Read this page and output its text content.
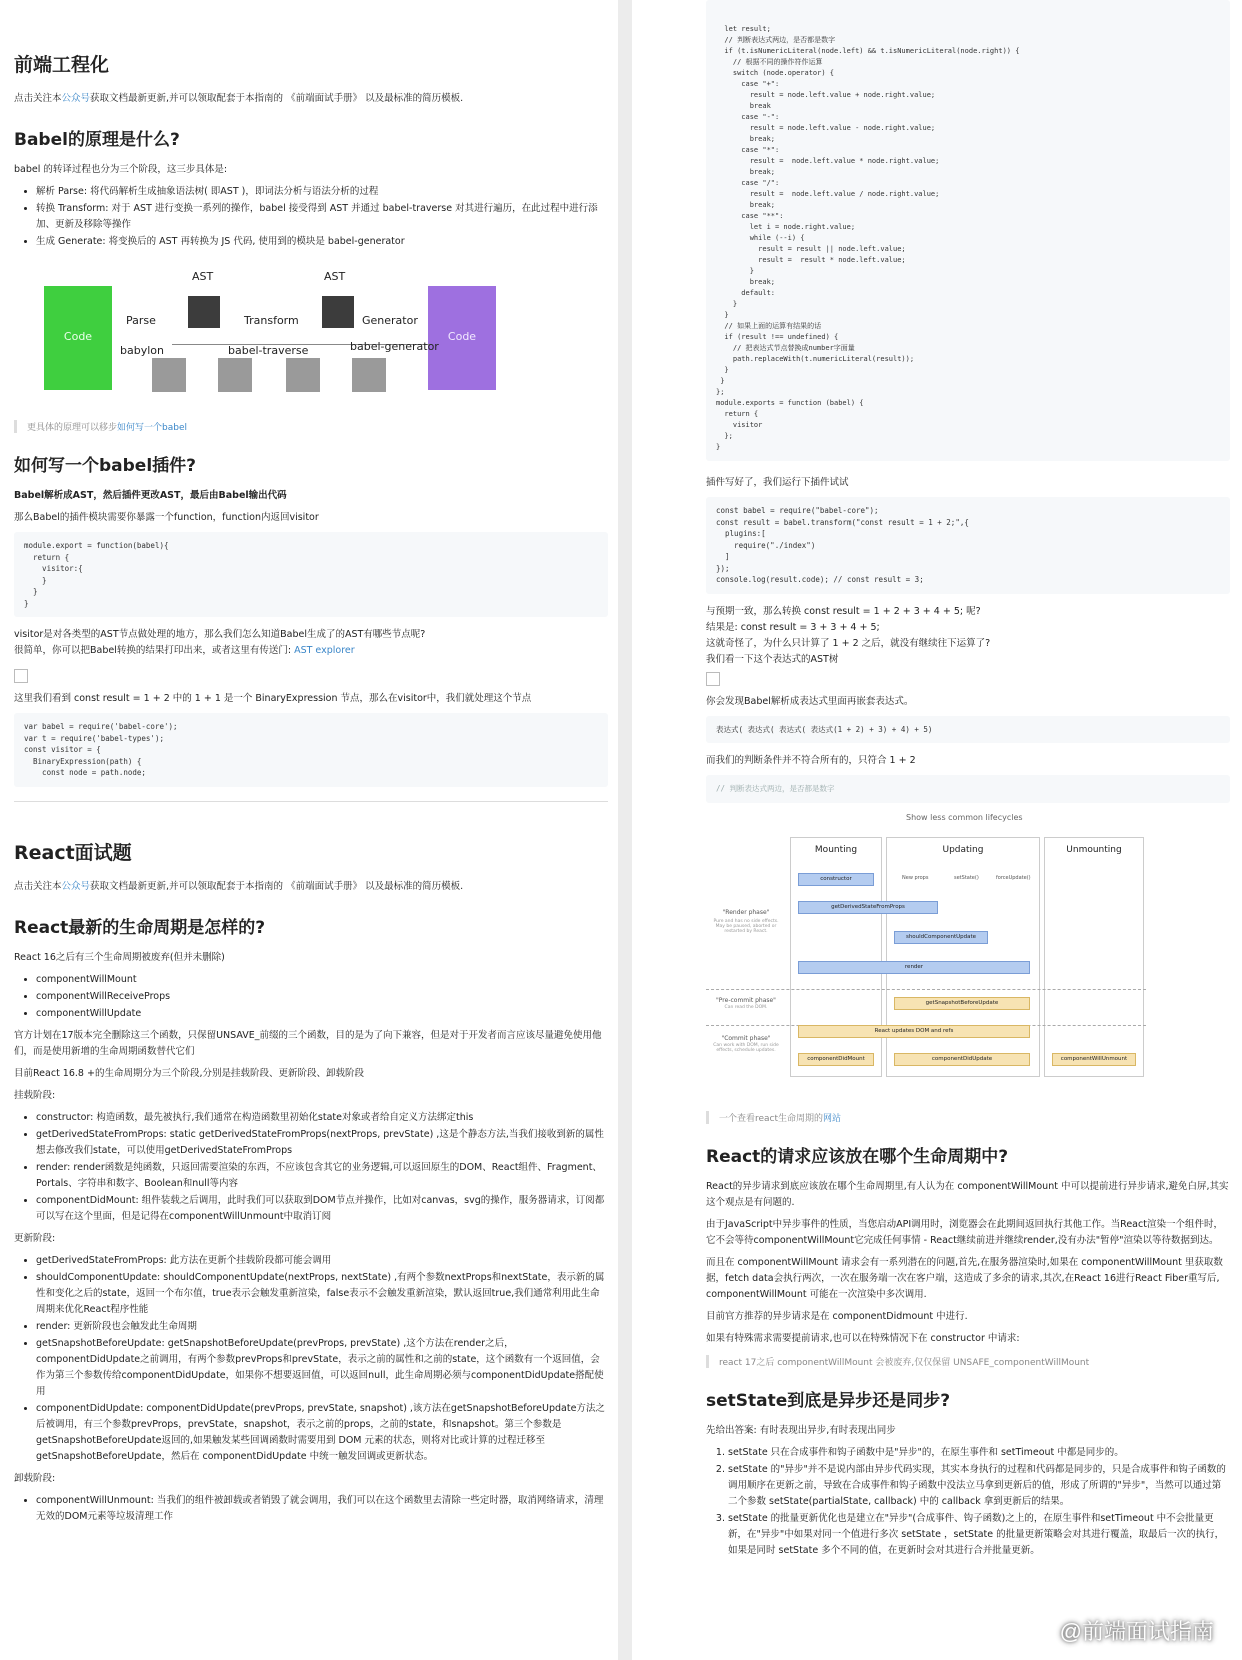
前端工程化

点击关注本公众号获取文档最新更新,并可以领取配套于本指南的 《前端面试手册》 以及最标准的简历模板.

Babel的原理是什么?

babel 的转译过程也分为三个阶段，这三步具体是:

• 解析 Parse: 将代码解析生成抽象语法树( 即AST )，即词法分析与语法分析的过程
• 转换 Transform: 对于 AST 进行变换一系列的操作，babel 接受得到 AST 并通过 babel-traverse 对其进行遍历，在此过程中进行添加、更新及移除等操作
• 生成 Generate: 将变换后的 AST 再转换为 JS 代码, 使用到的模块是 babel-generator
Code	Code
AST	AST
Parse
babylon
Transform
babel-traverse
Generator
babel-generator
更具体的原理可以移步如何写一个babel
如何写一个babel插件?

Babel解析成AST，然后插件更改AST，最后由Babel输出代码

那么Babel的插件模块需要你暴露一个function，function内返回visitor

module.export = function(babel){
return {
visitor:{
}
}
}

visitor是对各类型的AST节点做处理的地方，那么我们怎么知道Babel生成了的AST有哪些节点呢?

很简单，你可以把Babel转换的结果打印出来，或者这里有传送门: AST explorer

这里我们看到 const result = 1 + 2 中的 1 + 1 是一个 BinaryExpression 节点，那么在visitor中，我们就处理这个节点

var babel = require('babel-core');
var t = require('babel-types');
const visitor = {
BinaryExpression(path) {
const node = path.node;
React面试题

点击关注本公众号获取文档最新更新,并可以领取配套于本指南的 《前端面试手册》 以及最标准的简历模板.

React最新的生命周期是怎样的?

React 16之后有三个生命周期被废弃(但并未删除)

• componentWillMount
• componentWillReceiveProps
• componentWillUpdate

官方计划在17版本完全删除这三个函数，只保留UNSAVE_前缀的三个函数，目的是为了向下兼容，但是对于开发者而言应该尽量避免使用他们，而是使用新增的生命周期函数替代它们

目前React 16.8 +的生命周期分为三个阶段,分别是挂载阶段、更新阶段、卸载阶段

挂载阶段:

• constructor: 构造函数，最先被执行,我们通常在构造函数里初始化state对象或者给自定义方法绑定this
• getDerivedStateFromProps: static getDerivedStateFromProps(nextProps, prevState) ,这是个静态方法,当我们接收到新的属性想去修改我们state，可以使用getDerivedStateFromProps
• render: render函数是纯函数，只返回需要渲染的东西，不应该包含其它的业务逻辑,可以返回原生的DOM、React组件、Fragment、Portals、字符串和数字、Boolean和null等内容
• componentDidMount: 组件装载之后调用，此时我们可以获取到DOM节点并操作，比如对canvas，svg的操作，服务器请求，订阅都可以写在这个里面，但是记得在componentWillUnmount中取消订阅

更新阶段:

• getDerivedStateFromProps: 此方法在更新个挂载阶段都可能会调用
• shouldComponentUpdate: shouldComponentUpdate(nextProps, nextState) ,有两个参数nextProps和nextState，表示新的属性和变化之后的state，返回一个布尔值，true表示会触发重新渲染，false表示不会触发重新渲染，默认返回true,我们通常利用此生命周期来优化React程序性能
• render: 更新阶段也会触发此生命周期
• getSnapshotBeforeUpdate: getSnapshotBeforeUpdate(prevProps, prevState) ,这个方法在render之后，componentDidUpdate之前调用，有两个参数prevProps和prevState，表示之前的属性和之前的state，这个函数有一个返回值，会作为第三个参数传给componentDidUpdate，如果你不想要返回值，可以返回null，此生命周期必须与componentDidUpdate搭配使用
• componentDidUpdate: componentDidUpdate(prevProps, prevState, snapshot) ,该方法在getSnapshotBeforeUpdate方法之后被调用，有三个参数prevProps，prevState，snapshot，表示之前的props，之前的state，和snapshot。第三个参数是getSnapshotBeforeUpdate返回的,如果触发某些回调函数时需要用到 DOM 元素的状态，则将对比或计算的过程迁移至 getSnapshotBeforeUpdate，然后在 componentDidUpdate 中统一触发回调或更新状态。

卸载阶段:

• componentWillUnmount: 当我们的组件被卸载或者销毁了就会调用，我们可以在这个函数里去清除一些定时器，取消网络请求，清理无效的DOM元素等垃圾清理工作
let result;
// 判断表达式两边，是否都是数字
if (t.isNumericLiteral(node.left) && t.isNumericLiteral(node.right)) {
// 根据不同的操作符作运算
switch (node.operator) {
case "+":
result = node.left.value + node.right.value;
break
case "-":
result = node.left.value - node.right.value;
break;
case "*":
result =  node.left.value * node.right.value;
break;
case "/":
result =  node.left.value / node.right.value;
break;
case "**":
let i = node.right.value;
while (--i) {
result = result || node.left.value;
result =  result * node.left.value;
}
break;
default:
}
}
// 如果上面的运算有结果的话
if (result !== undefined) {
// 把表达式节点替换成number字面量
path.replaceWith(t.numericLiteral(result));
}
}
};
module.exports = function (babel) {
return {
visitor
};
}

插件写好了，我们运行下插件试试

const babel = require("babel-core");
const result = babel.transform("const result = 1 + 2;",{
plugins:[
require("./index")
]
});
console.log(result.code); // const result = 3;

与预期一致，那么转换 const result = 1 + 2 + 3 + 4 + 5; 呢?

结果是: const result = 3 + 3 + 4 + 5;

这就奇怪了，为什么只计算了 1 + 2 之后，就没有继续往下运算了?

我们看一下这个表达式的AST树

你会发现Babel解析成表达式里面再嵌套表达式。

表达式( 表达式( 表达式( 表达式(1 + 2) + 3) + 4) + 5)

而我们的判断条件并不符合所有的，只符合 1 + 2

// 判断表达式两边，是否都是数字
Show less common lifecycles
Mounting	Updating	Unmounting
"Render phase"
Pure and has no side effects. May be paused, aborted or restarted by React.
"Pre-commit phase"
Can read the DOM.
"Commit phase"
Can work with DOM, run side effects, schedule updates.
constructor	New props	setState()	forceUpdate()
getDerivedStateFromProps
shouldComponentUpdate
render
getSnapshotBeforeUpdate
React updates DOM and refs
componentDidMount	componentDidUpdate	componentWillUnmount
一个查看react生命周期的网站
React的请求应该放在哪个生命周期中?

React的异步请求到底应该放在哪个生命周期里,有人认为在 componentWillMount 中可以提前进行异步请求,避免白屏,其实这个观点是有问题的.

由于JavaScript中异步事件的性质，当您启动API调用时，浏览器会在此期间返回执行其他工作。当React渲染一个组件时，它不会等待componentWillMount它完成任何事情 - React继续前进并继续render,没有办法"暂停"渲染以等待数据到达。

而且在 componentWillMount 请求会有一系列潜在的问题,首先,在服务器渲染时,如果在 componentWillMount 里获取数据，fetch data会执行两次，一次在服务端一次在客户端，这造成了多余的请求,其次,在React 16进行React Fiber重写后, componentWillMount 可能在一次渲染中多次调用.

目前官方推荐的异步请求是在 componentDidmount 中进行.

如果有特殊需求需要提前请求,也可以在特殊情况下在 constructor 中请求:

react 17之后 componentWillMount 会被废弃,仅仅保留 UNSAFE_componentWillMount
setState到底是异步还是同步?

先给出答案: 有时表现出异步,有时表现出同步

1. setState 只在合成事件和钩子函数中是"异步"的，在原生事件和 setTimeout 中都是同步的。
2. setState 的"异步"并不是说内部由异步代码实现，其实本身执行的过程和代码都是同步的，只是合成事件和钩子函数的调用顺序在更新之前，导致在合成事件和钩子函数中没法立马拿到更新后的值，形成了所谓的"异步"，当然可以通过第二个参数 setState(partialState, callback) 中的 callback 拿到更新后的结果。
3. setState 的批量更新优化也是建立在"异步"(合成事件、钩子函数)之上的，在原生事件和setTimeout 中不会批量更新，在"异步"中如果对同一个值进行多次 setState ，setState 的批量更新策略会对其进行覆盖，取最后一次的执行，如果是同时 setState 多个不同的值，在更新时会对其进行合并批量更新。
@前端面试指南
